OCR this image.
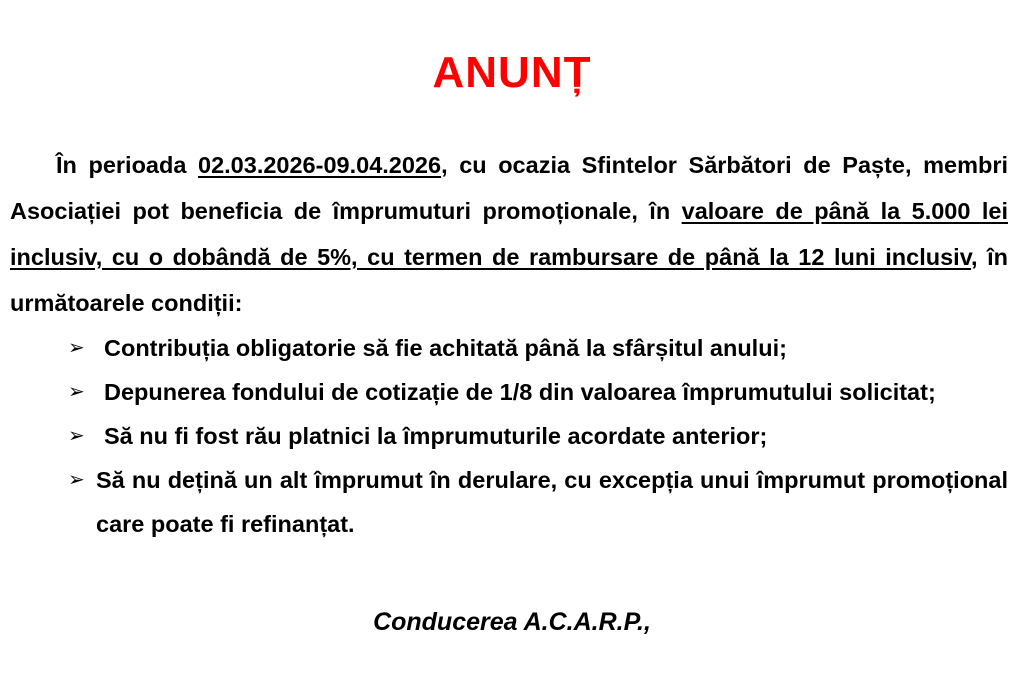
ANUNȚ

În perioada 02.03.2026-09.04.2026, cu ocazia Sfintelor Sărbători de Paște, membri Asociației pot beneficia de împrumuturi promoționale, în valoare de până la 5.000 lei inclusiv, cu o dobândă de 5%, cu termen de rambursare de până la 12 luni inclusiv, în următoarele condiții:

➢ Contribuția obligatorie să fie achitată până la sfârșitul anului;
➢ Depunerea fondului de cotizație de 1/8 din valoarea împrumutului solicitat;
➢ Să nu fi fost rău platnici la împrumuturile acordate anterior;
➢ Să nu dețină un alt împrumut în derulare, cu excepția unui împrumut promoțional care poate fi refinanțat.
Conducerea A.C.A.R.P.,
